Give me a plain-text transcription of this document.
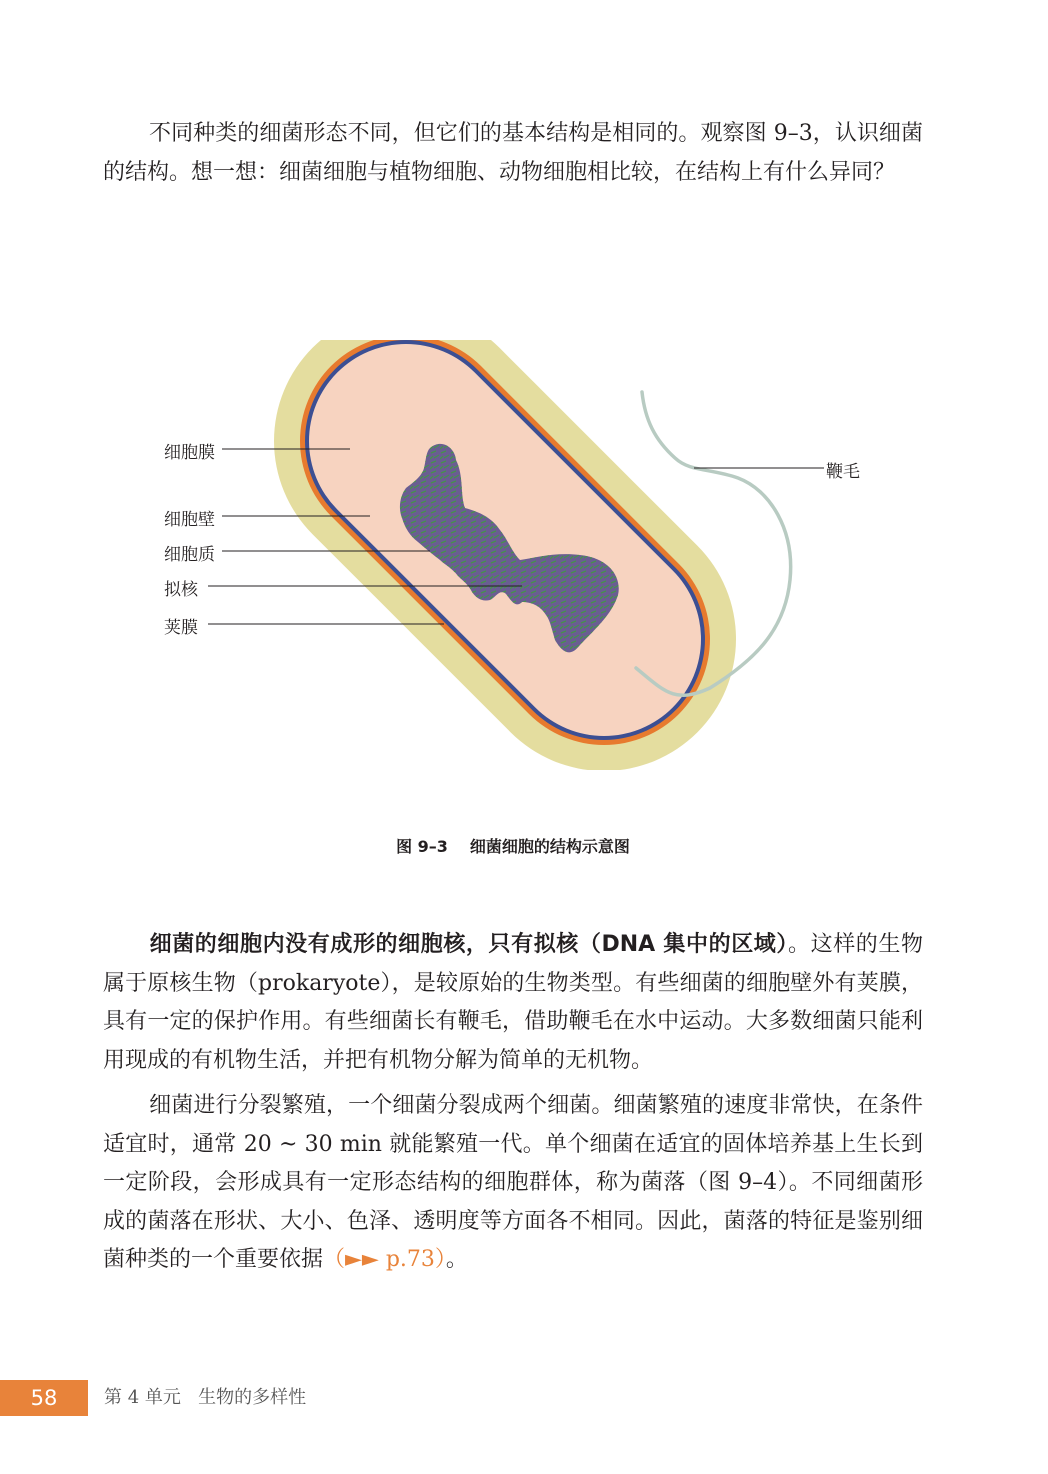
不同种类的细菌形态不同，但它们的基本结构是相同的。观察图 9–3，认识细菌的结构。想一想：细菌细胞与植物细胞、动物细胞相比较，在结构上有什么异同？

细胞膜
细胞壁
细胞质
拟核
荚膜
鞭毛
图 9–3 细菌细胞的结构示意图

细菌的细胞内没有成形的细胞核，只有拟核（DNA 集中的区域）。这样的生物属于原核生物（prokaryote），是较原始的生物类型。有些细菌的细胞壁外有荚膜，具有一定的保护作用。有些细菌长有鞭毛，借助鞭毛在水中运动。大多数细菌只能利用现成的有机物生活，并把有机物分解为简单的无机物。

细菌进行分裂繁殖，一个细菌分裂成两个细菌。细菌繁殖的速度非常快，在条件适宜时，通常 20 ~ 30 min 就能繁殖一代。单个细菌在适宜的固体培养基上生长到一定阶段，会形成具有一定形态结构的细胞群体，称为菌落（图 9–4）。不同细菌形成的菌落在形状、大小、色泽、透明度等方面各不相同。因此，菌落的特征是鉴别细菌种类的一个重要依据（►► p.73）。

58	第 4 单元 生物的多样性
